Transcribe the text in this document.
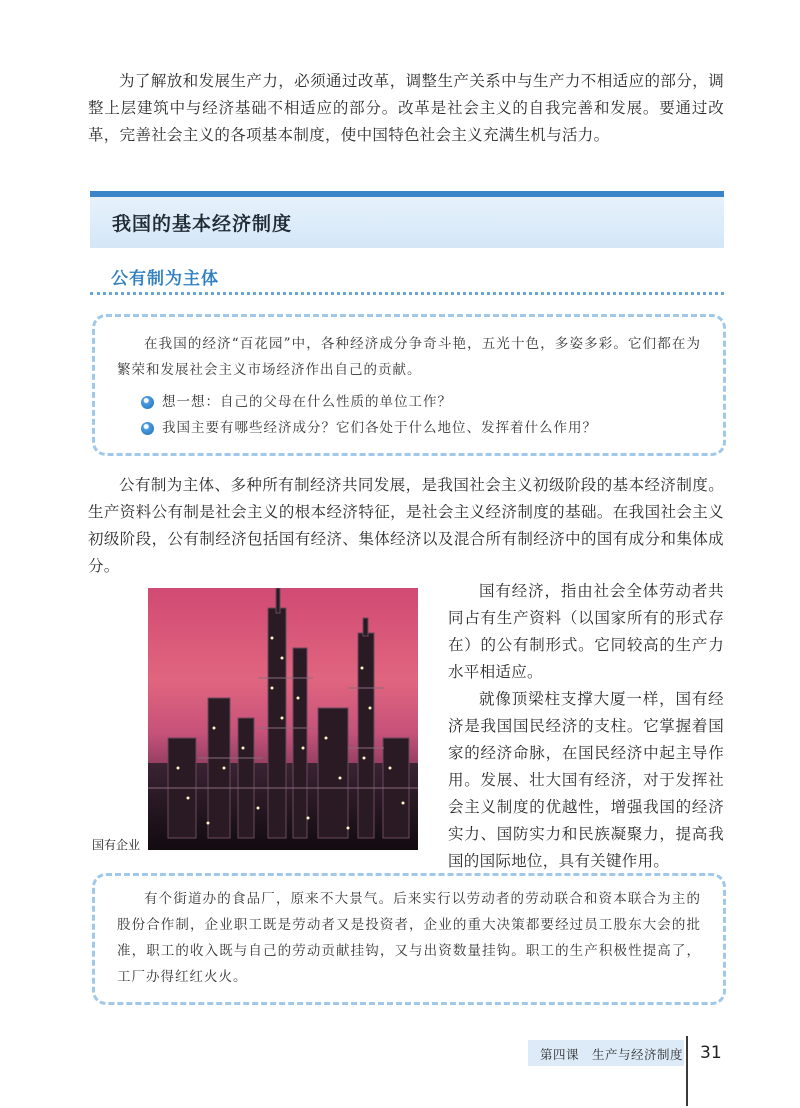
为了解放和发展生产力，必须通过改革，调整生产关系中与生产力不相适应的部分，调整上层建筑中与经济基础不相适应的部分。改革是社会主义的自我完善和发展。要通过改革，完善社会主义的各项基本制度，使中国特色社会主义充满生机与活力。
我国的基本经济制度
公有制为主体
在我国的经济“百花园”中，各种经济成分争奇斗艳，五光十色，多姿多彩。它们都在为繁荣和发展社会主义市场经济作出自己的贡献。
想一想：自己的父母在什么性质的单位工作？
我国主要有哪些经济成分？它们各处于什么地位、发挥着什么作用？
公有制为主体、多种所有制经济共同发展，是我国社会主义初级阶段的基本经济制度。生产资料公有制是社会主义的根本经济特征，是社会主义经济制度的基础。在我国社会主义初级阶段，公有制经济包括国有经济、集体经济以及混合所有制经济中的国有成分和集体成分。
国有企业
国有经济，指由社会全体劳动者共同占有生产资料（以国家所有的形式存在）的公有制形式。它同较高的生产力水平相适应。
就像顶梁柱支撑大厦一样，国有经济是我国国民经济的支柱。它掌握着国家的经济命脉，在国民经济中起主导作用。发展、壮大国有经济，对于发挥社会主义制度的优越性，增强我国的经济实力、国防实力和民族凝聚力，提高我国的国际地位，具有关键作用。
有个街道办的食品厂，原来不大景气。后来实行以劳动者的劳动联合和资本联合为主的股份合作制，企业职工既是劳动者又是投资者，企业的重大决策都要经过员工股东大会的批准，职工的收入既与自己的劳动贡献挂钩，又与出资数量挂钩。职工的生产积极性提高了，工厂办得红红火火。
第四课　生产与经济制度 31
